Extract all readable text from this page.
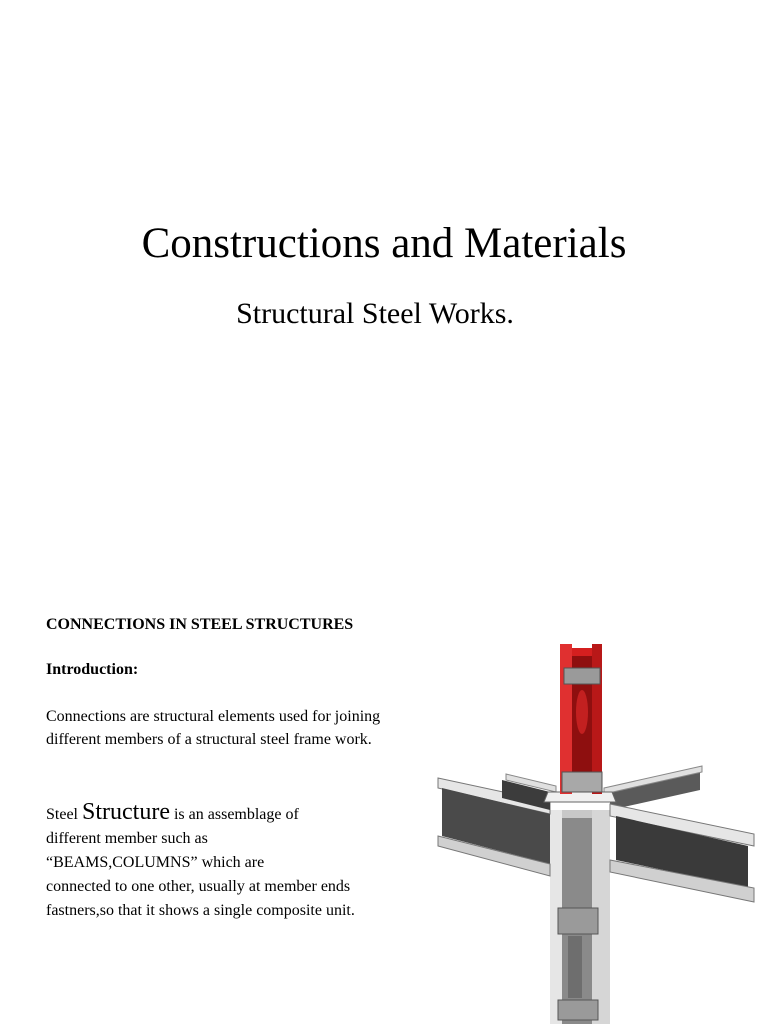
Constructions and Materials
Structural Steel Works.

CONNECTIONS IN STEEL STRUCTURES

Introduction:

Connections are structural elements used for joining different members of a structural steel frame work.

Steel Structure is an assemblage of
different member such as
“BEAMS,COLUMNS” which are
connected to one other, usually at member ends
fastners,so that it shows a single composite unit.
